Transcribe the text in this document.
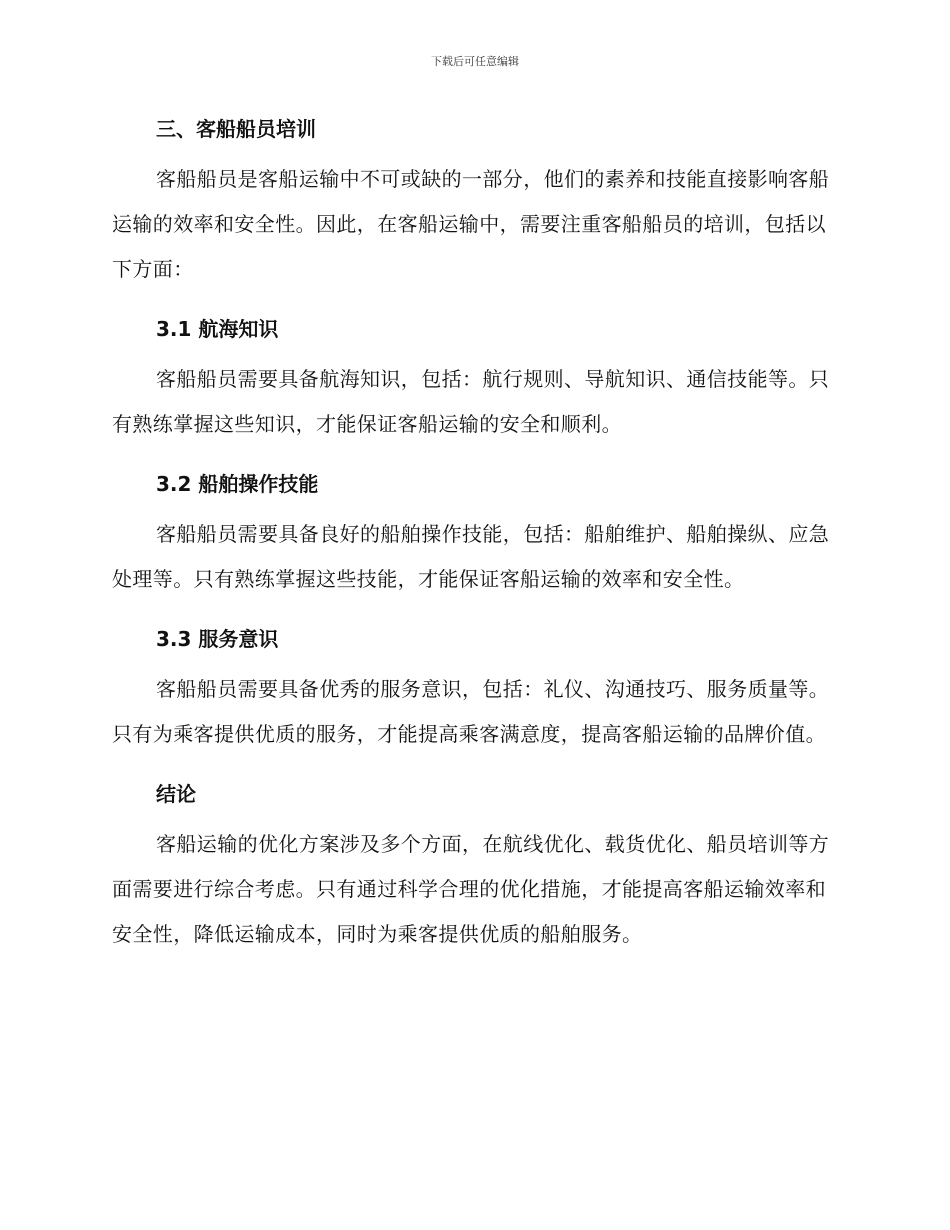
下载后可任意编辑
三、客船船员培训

客船船员是客船运输中不可或缺的一部分，他们的素养和技能直接影响客船运输的效率和安全性。因此，在客船运输中，需要注重客船船员的培训，包括以下方面：

3.1 航海知识

客船船员需要具备航海知识，包括：航行规则、导航知识、通信技能等。只有熟练掌握这些知识，才能保证客船运输的安全和顺利。

3.2 船舶操作技能

客船船员需要具备良好的船舶操作技能，包括：船舶维护、船舶操纵、应急处理等。只有熟练掌握这些技能，才能保证客船运输的效率和安全性。

3.3 服务意识

客船船员需要具备优秀的服务意识，包括：礼仪、沟通技巧、服务质量等。只有为乘客提供优质的服务，才能提高乘客满意度，提高客船运输的品牌价值。

结论

客船运输的优化方案涉及多个方面，在航线优化、载货优化、船员培训等方面需要进行综合考虑。只有通过科学合理的优化措施，才能提高客船运输效率和安全性，降低运输成本，同时为乘客提供优质的船舶服务。
